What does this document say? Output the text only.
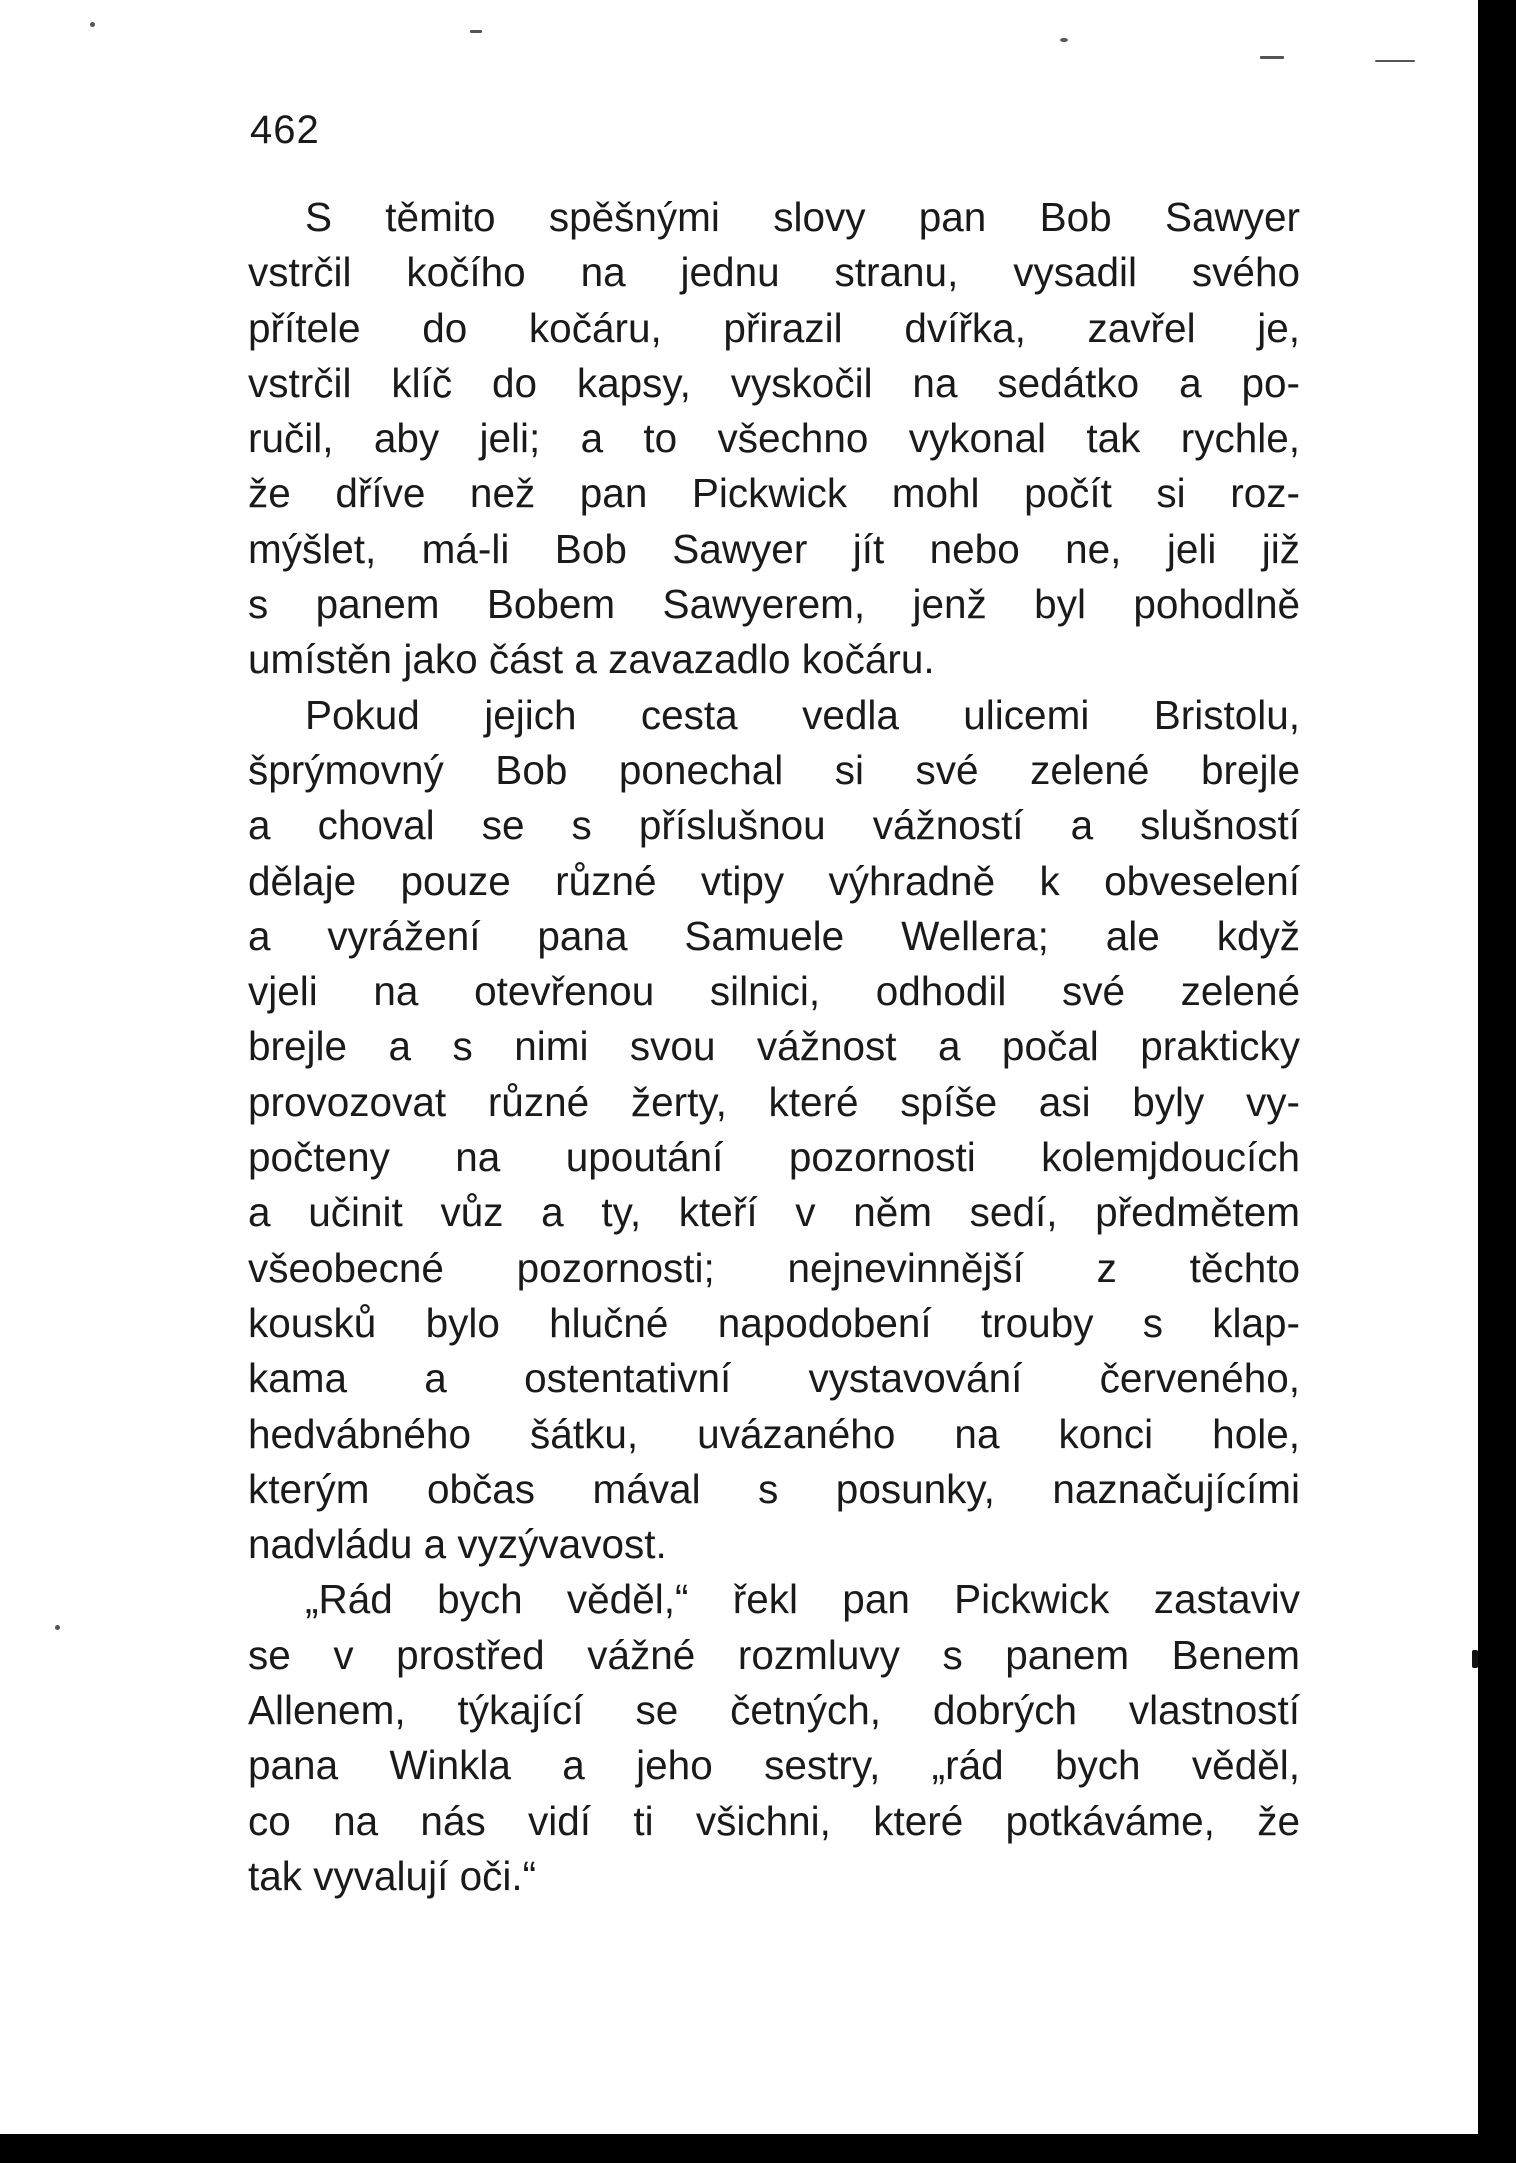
462
S těmito spěšnými slovy pan Bob Sawyer
vstrčil kočího na jednu stranu, vysadil svého
přítele do kočáru, přirazil dvířka, zavřel je,
vstrčil klíč do kapsy, vyskočil na sedátko a po-
ručil, aby jeli; a to všechno vykonal tak rychle,
že dříve než pan Pickwick mohl počít si roz-
mýšlet, má-li Bob Sawyer jít nebo ne, jeli již
s panem Bobem Sawyerem, jenž byl pohodlně
umístěn jako část a zavazadlo kočáru.
Pokud jejich cesta vedla ulicemi Bristolu,
šprýmovný Bob ponechal si své zelené brejle
a choval se s příslušnou vážností a slušností
dělaje pouze různé vtipy výhradně k obveselení
a vyrážení pana Samuele Wellera; ale když
vjeli na otevřenou silnici, odhodil své zelené
brejle a s nimi svou vážnost a počal prakticky
provozovat různé žerty, které spíše asi byly vy-
počteny na upoutání pozornosti kolemjdoucích
a učinit vůz a ty, kteří v něm sedí, předmětem
všeobecné pozornosti; nejnevinnější z těchto
kousků bylo hlučné napodobení trouby s klap-
kama a ostentativní vystavování červeného,
hedvábného šátku, uvázaného na konci hole,
kterým občas mával s posunky, naznačujícími
nadvládu a vyzývavost.
„Rád bych věděl,“ řekl pan Pickwick zastaviv
se v prostřed vážné rozmluvy s panem Benem
Allenem, týkající se četných, dobrých vlastností
pana Winkla a jeho sestry, „rád bych věděl,
co na nás vidí ti všichni, které potkáváme, že
tak vyvalují oči.“
